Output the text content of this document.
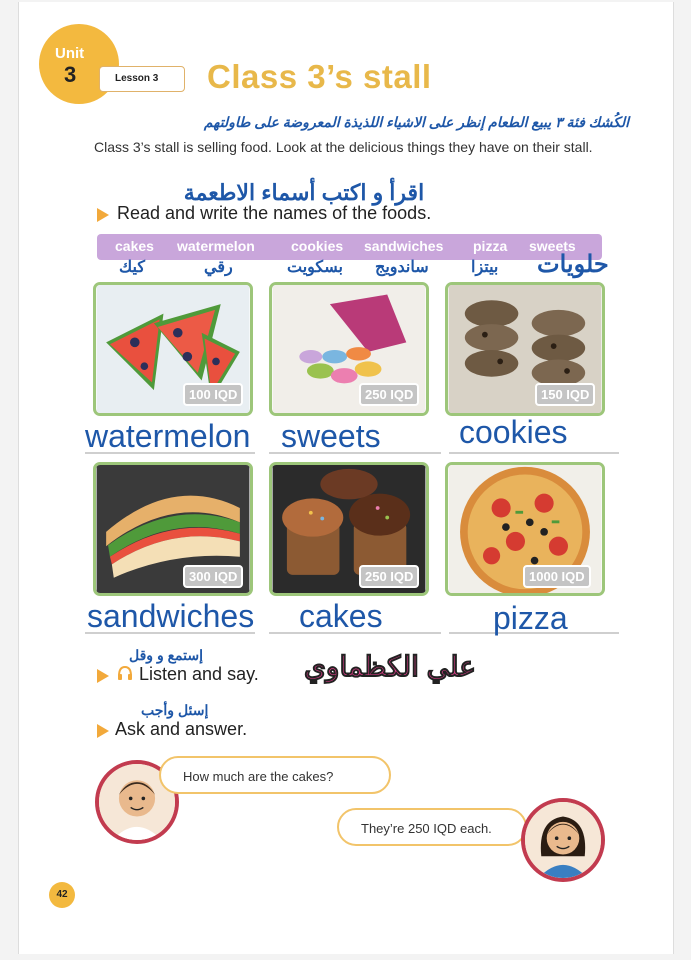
Unit
3	Lesson 3 Class 3’s stall
الكُشك فئة ٣ يبيع الطعام إنظر على الاشياء اللذيذة المعروضة على طاولتهم
Class 3’s stall is selling food. Look at the delicious things they have on their stall.
اقرأ و اكتب أسماء الاطعمة
Read and write the names of the foods.
cakes watermelon	cookies sandwiches pizza sweets
كيك	رقي	بسكويت ساندويج	بيتزا حلويات
100 IQD	250 IQD	150 IQD
watermelon sweets cookies
300 IQD	250 IQD	1000 IQD
sandwiches cakes	pizza
إستمع و وقل
Listen and say. علي الكظماوي
إسئل وأجب
Ask and answer.
How much are the cakes?
They’re 250 IQD each.
42
